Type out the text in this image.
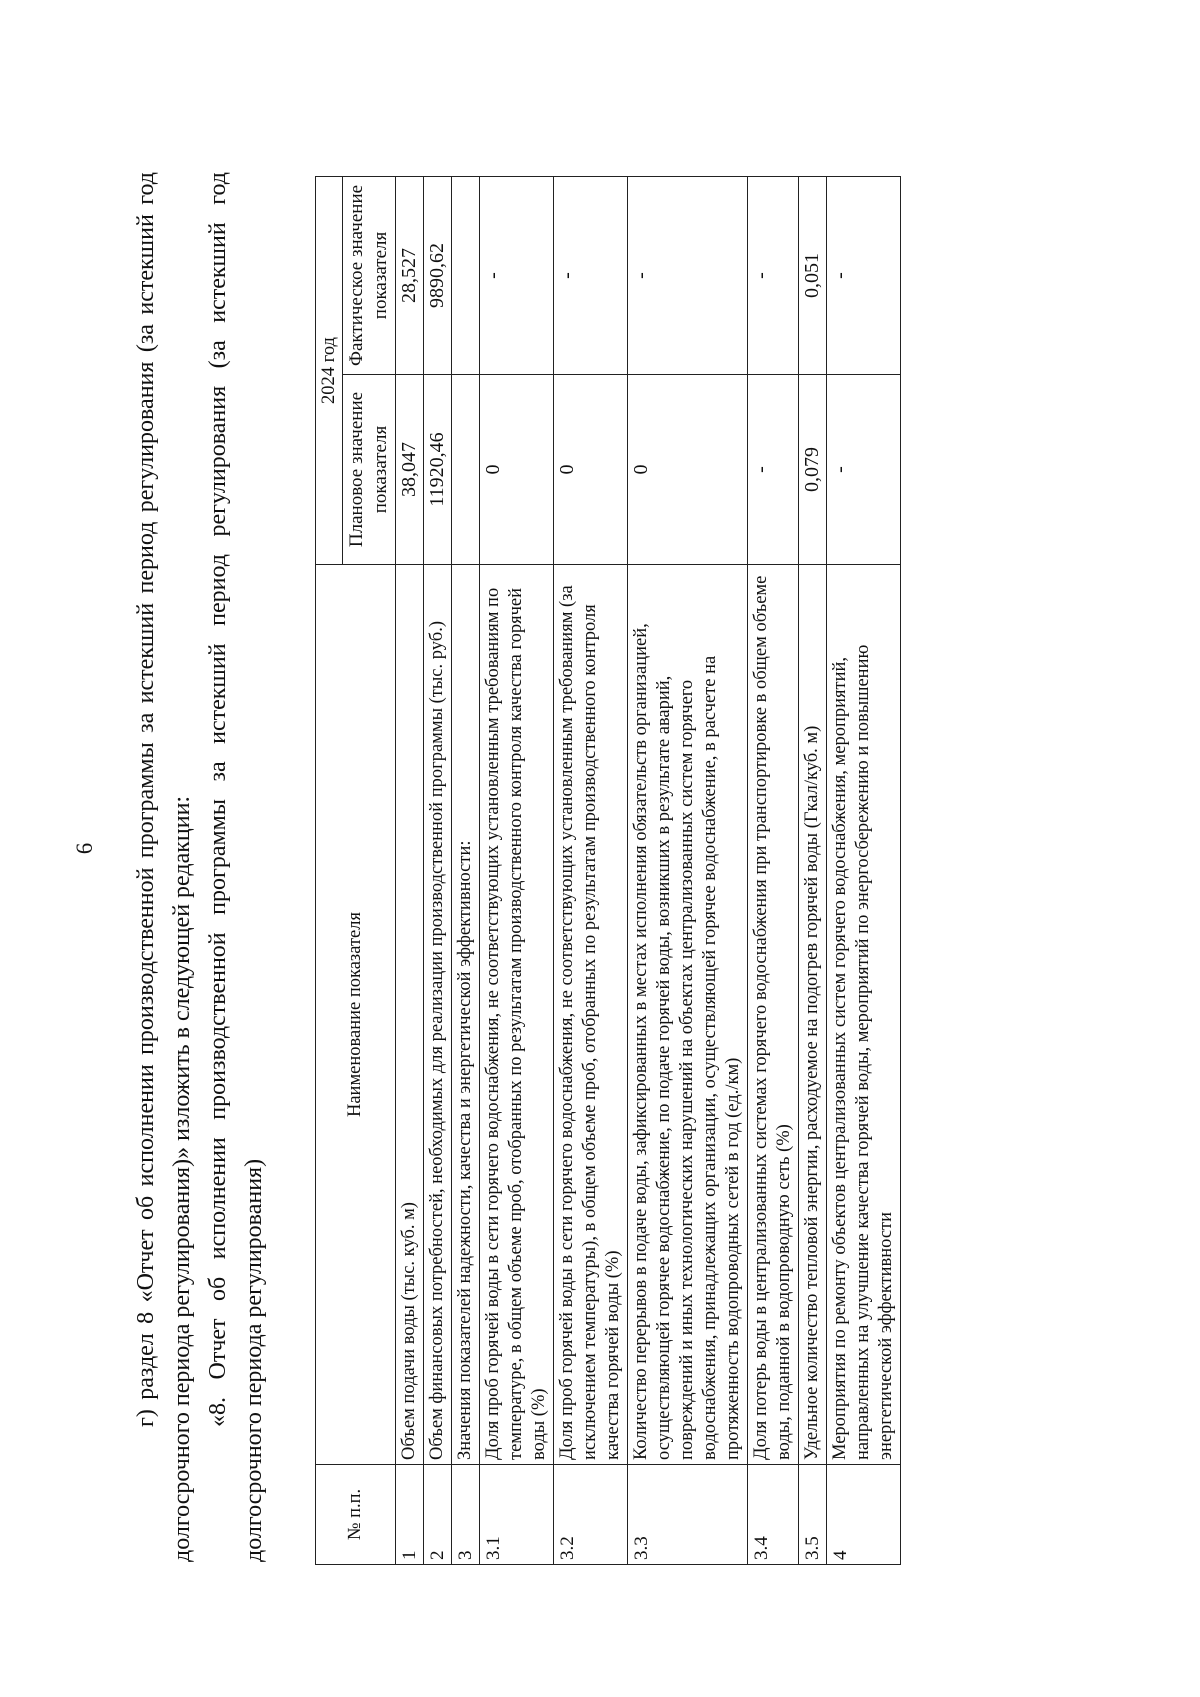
6 г) раздел 8 «Отчет об исполнении производственной программы за истекший период регулирования (за истекший год долгосрочного периода регулирования)» изложить в следующей редакции: «8. Отчет об исполнении производственной программы за истекший период регулирования (за истекший год долгосрочного периода регулирования)	№ п.п.	Наименование показателя	2024 год	
		Плановое значение показателя	Фактическое значение показателя
1	Объем подачи воды (тыс. куб. м)	38,047	28,527
2	Объем финансовых потребностей, необходимых для реализации производственной программы (тыс. руб.)	11920,46	9890,62
3	Значения показателей надежности, качества и энергетической эффективности:		
3.1	Доля проб горячей воды в сети горячего водоснабжения, не соответствующих установленным требованиям по температуре, в общем объеме проб, отобранных по результатам производственного контроля качества горячей воды (%)	0	-
3.2	Доля проб горячей воды в сети горячего водоснабжения, не соответствующих установленным требованиям (за исключением температуры), в общем объеме проб, отобранных по результатам производственного контроля качества горячей воды (%)	0	-
3.3	Количество перерывов в подаче воды, зафиксированных в местах исполнения обязательств организацией, осуществляющей горячее водоснабжение, по подаче горячей воды, возникших в результате аварий, повреждений и иных технологических нарушений на объектах централизованных систем горячего водоснабжения, принадлежащих организации, осуществляющей горячее водоснабжение, в расчете на протяженность водопроводных сетей в год (ед./км)	0	-
3.4	Доля потерь воды в централизованных системах горячего водоснабжения при транспортировке в общем объеме воды, поданной в водопроводную сеть (%)	-	-
3.5	Удельное количество тепловой энергии, расходуемое на подогрев горячей воды (Гкал/куб. м)	0,079	0,051
4	Мероприятия по ремонту объектов централизованных систем горячего водоснабжения, мероприятий, направленных на улучшение качества горячей воды, мероприятий по энергосбережению и повышению энергетической эффективности	-	-
